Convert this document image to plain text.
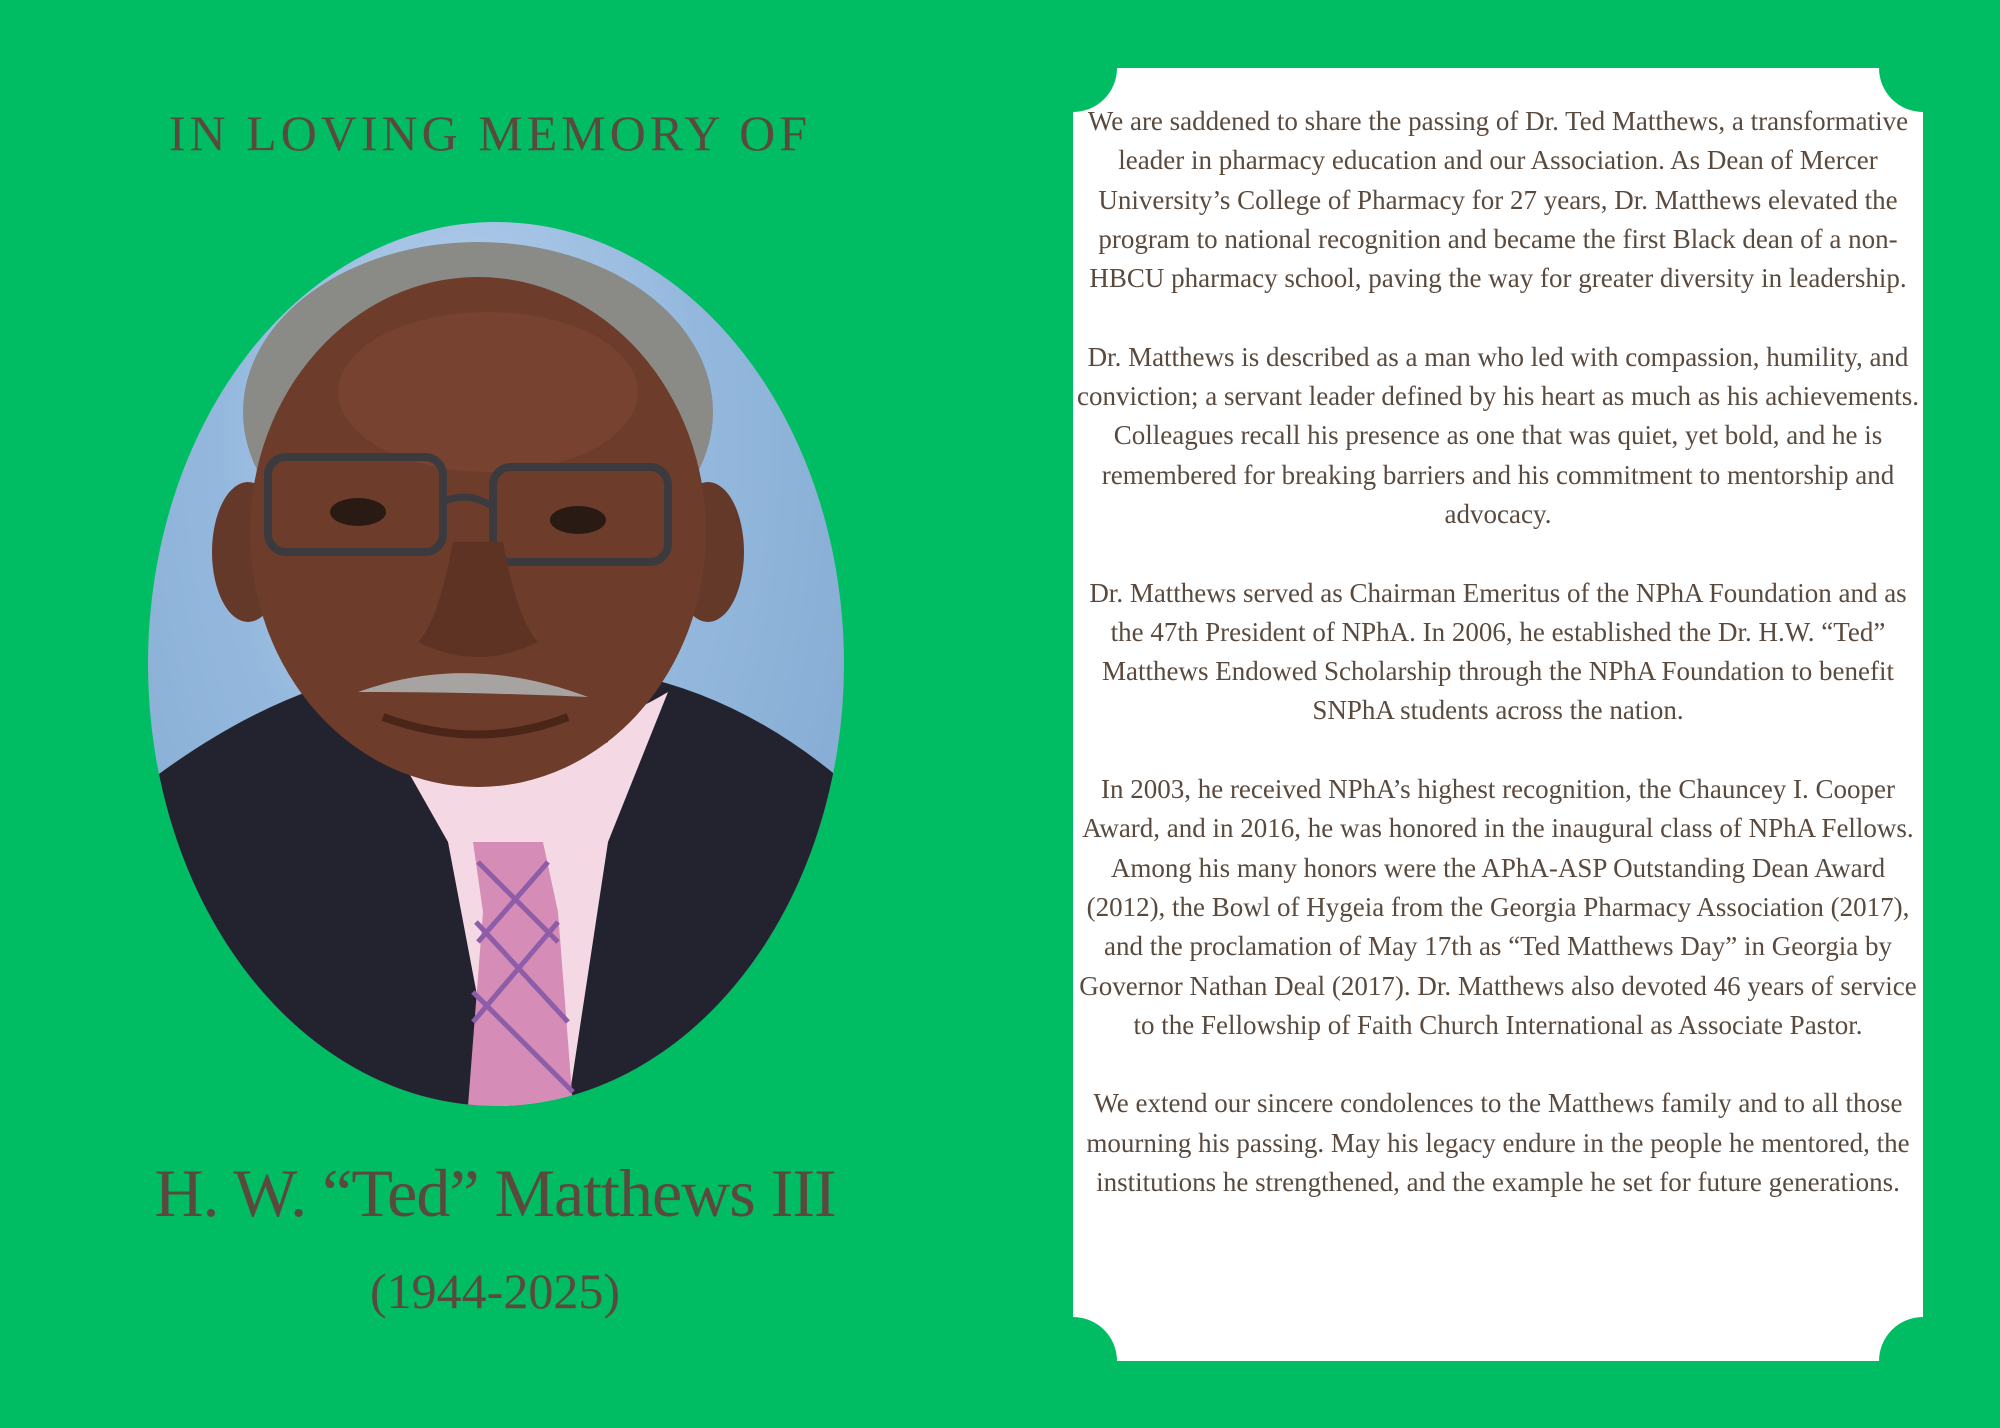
IN LOVING MEMORY OF
H. W. “Ted” Matthews III
(1944-2025)

We are saddened to share the passing of Dr. Ted Matthews, a transformative leader in pharmacy education and our Association. As Dean of Mercer University’s College of Pharmacy for 27 years, Dr. Matthews elevated the program to national recognition and became the first Black dean of a non-HBCU pharmacy school, paving the way for greater diversity in leadership.

Dr. Matthews is described as a man who led with compassion, humility, and conviction; a servant leader defined by his heart as much as his achievements. Colleagues recall his presence as one that was quiet, yet bold, and he is remembered for breaking barriers and his commitment to mentorship and advocacy.

Dr. Matthews served as Chairman Emeritus of the NPhA Foundation and as the 47th President of NPhA. In 2006, he established the Dr. H.W. “Ted” Matthews Endowed Scholarship through the NPhA Foundation to benefit SNPhA students across the nation.

In 2003, he received NPhA’s highest recognition, the Chauncey I. Cooper Award, and in 2016, he was honored in the inaugural class of NPhA Fellows. Among his many honors were the APhA-ASP Outstanding Dean Award (2012), the Bowl of Hygeia from the Georgia Pharmacy Association (2017), and the proclamation of May 17th as “Ted Matthews Day” in Georgia by Governor Nathan Deal (2017). Dr. Matthews also devoted 46 years of service to the Fellowship of Faith Church International as Associate Pastor.

We extend our sincere condolences to the Matthews family and to all those mourning his passing. May his legacy endure in the people he mentored, the institutions he strengthened, and the example he set for future generations.
